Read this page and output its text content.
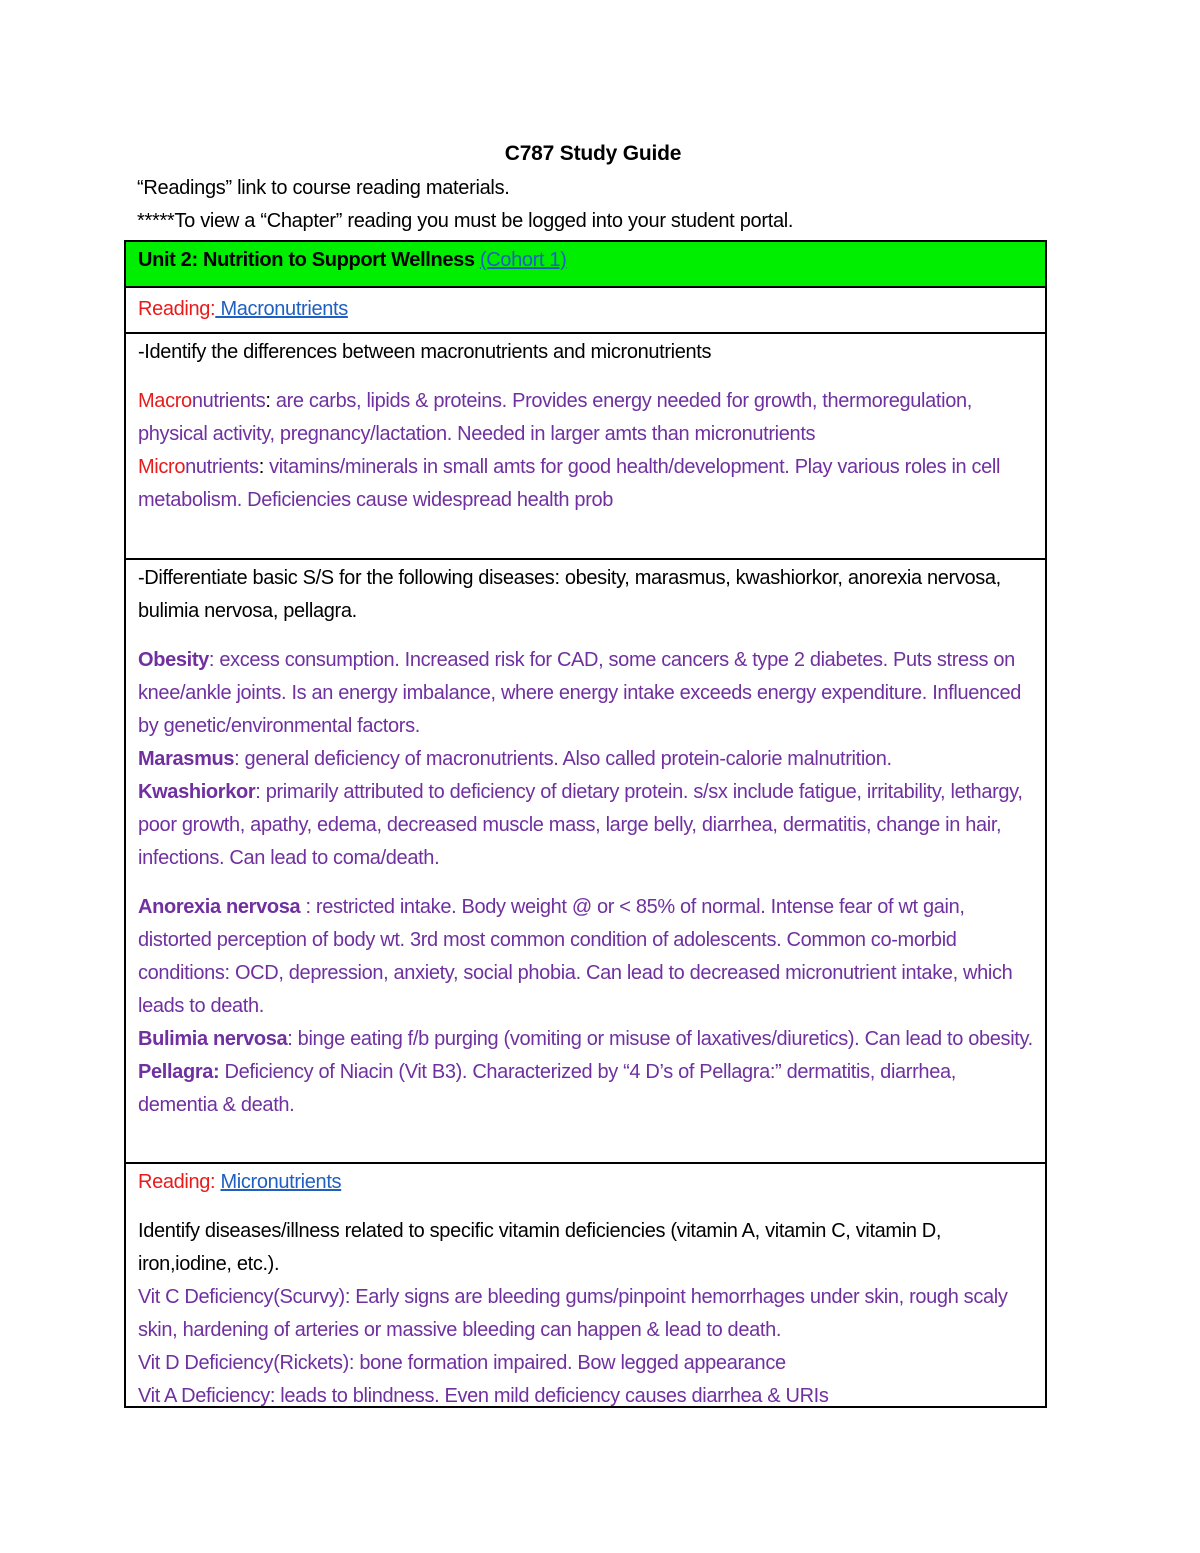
C787 Study Guide
“Readings” link to course reading materials.
*****To view a “Chapter” reading you must be logged into your student portal.
Unit 2: Nutrition to Support Wellness (Cohort 1)
Reading: Macronutrients

-Identify the differences between macronutrients and micronutrients

Macronutrients: are carbs, lipids & proteins. Provides energy needed for growth, thermoregulation, physical activity, pregnancy/lactation. Needed in larger amts than micronutrients

Micronutrients: vitamins/minerals in small amts for good health/development. Play various roles in cell metabolism. Deficiencies cause widespread health prob

-Differentiate basic S/S for the following diseases: obesity, marasmus, kwashiorkor, anorexia nervosa, bulimia nervosa, pellagra.

Obesity: excess consumption. Increased risk for CAD, some cancers & type 2 diabetes. Puts stress on knee/ankle joints. Is an energy imbalance, where energy intake exceeds energy expenditure. Influenced by genetic/environmental factors.

Marasmus: general deficiency of macronutrients. Also called protein-calorie malnutrition.

Kwashiorkor: primarily attributed to deficiency of dietary protein. s/sx include fatigue, irritability, lethargy, poor growth, apathy, edema, decreased muscle mass, large belly, diarrhea, dermatitis, change in hair, infections. Can lead to coma/death.

Anorexia nervosa : restricted intake. Body weight @ or < 85% of normal. Intense fear of wt gain, distorted perception of body wt. 3rd most common condition of adolescents. Common co-morbid conditions: OCD, depression, anxiety, social phobia. Can lead to decreased micronutrient intake, which leads to death.

Bulimia nervosa: binge eating f/b purging (vomiting or misuse of laxatives/diuretics). Can lead to obesity.

Pellagra: Deficiency of Niacin (Vit B3). Characterized by “4 D’s of Pellagra:” dermatitis, diarrhea, dementia & death.

Reading: Micronutrients

Identify diseases/illness related to specific vitamin deficiencies (vitamin A, vitamin C, vitamin D, iron,iodine, etc.).

Vit C Deficiency(Scurvy): Early signs are bleeding gums/pinpoint hemorrhages under skin, rough scaly skin, hardening of arteries or massive bleeding can happen & lead to death.

Vit D Deficiency(Rickets): bone formation impaired. Bow legged appearance

Vit A Deficiency: leads to blindness. Even mild deficiency causes diarrhea & URIs
